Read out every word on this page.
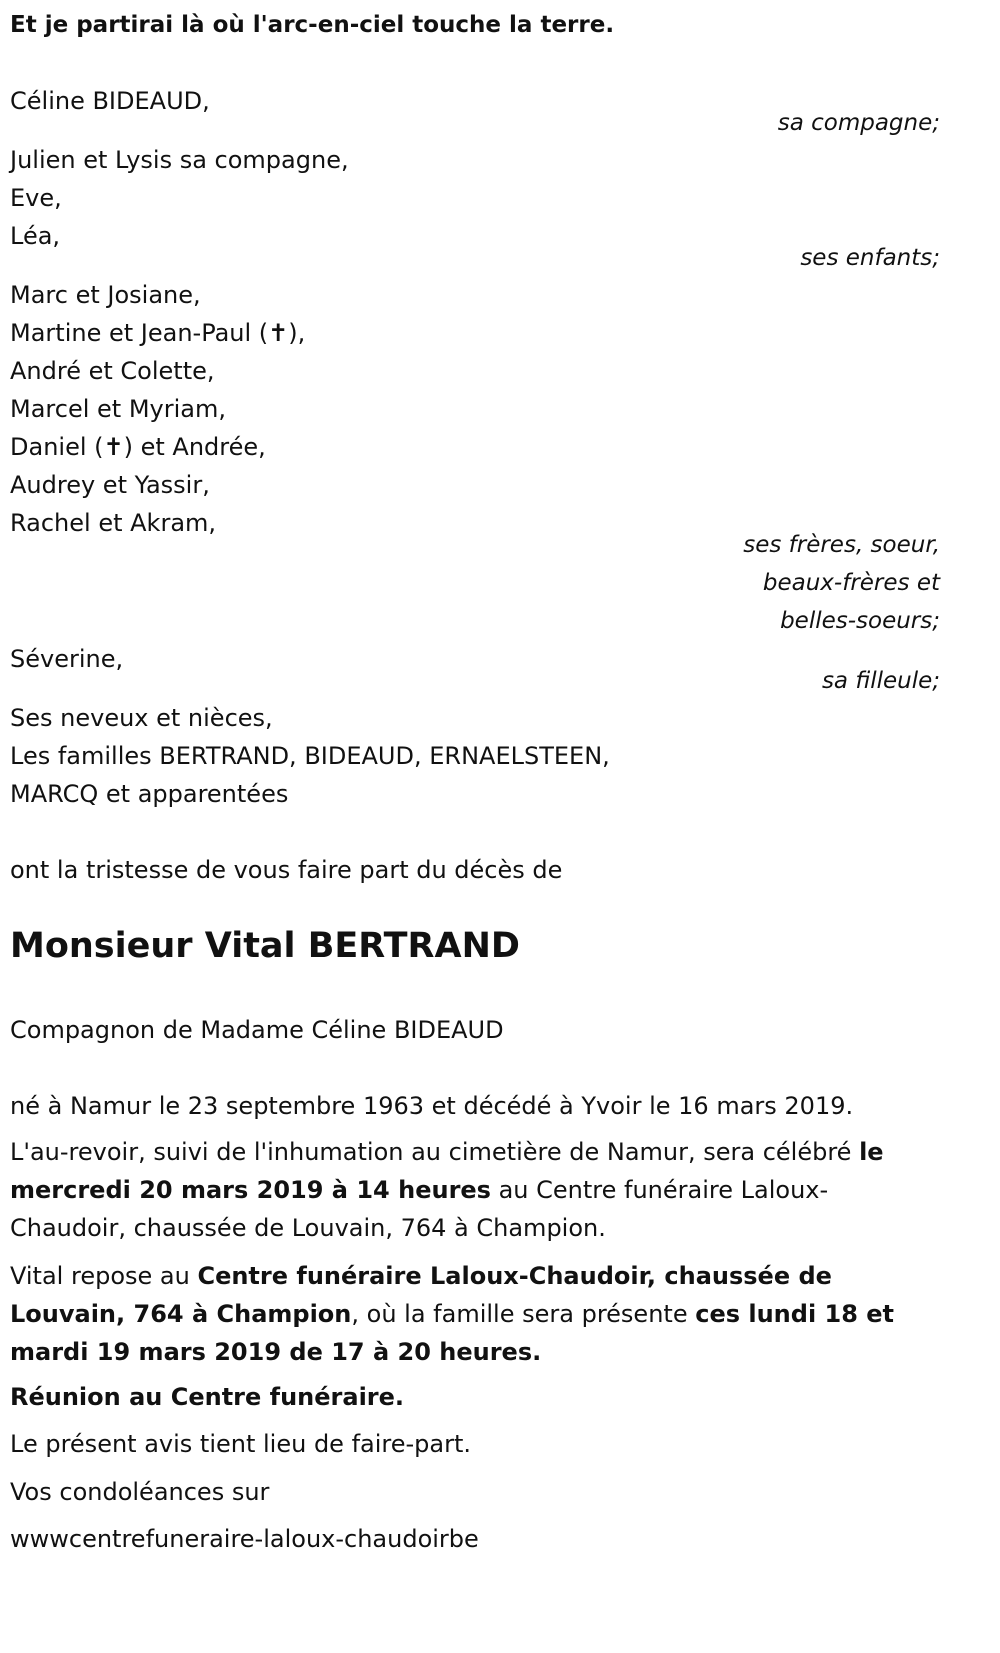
Et je partirai là où l'arc-en-ciel touche la terre.
Céline BIDEAUD,
sa compagne;
Julien et Lysis sa compagne,
Eve,
Léa,
ses enfants;
Marc et Josiane,
Martine et Jean-Paul (✝),
André et Colette,
Marcel et Myriam,
Daniel (✝) et Andrée,
Audrey et Yassir,
Rachel et Akram,
ses frères, soeur,
beaux-frères et
belles-soeurs;
Séverine,
sa filleule;
Ses neveux et nièces,
Les familles BERTRAND, BIDEAUD, ERNAELSTEEN,
MARCQ et apparentées
ont la tristesse de vous faire part du décès de
Monsieur Vital BERTRAND
Compagnon de Madame Céline BIDEAUD
né à Namur le 23 septembre 1963 et décédé à Yvoir le 16 mars 2019.
L'au-revoir, suivi de l'inhumation au cimetière de Namur, sera célébré le mercredi 20 mars 2019 à 14 heures au Centre funéraire Laloux-Chaudoir, chaussée de Louvain, 764 à Champion.
Vital repose au Centre funéraire Laloux-Chaudoir, chaussée de Louvain, 764 à Champion, où la famille sera présente ces lundi 18 et mardi 19 mars 2019 de 17 à 20 heures.
Réunion au Centre funéraire.
Le présent avis tient lieu de faire-part.
Vos condoléances sur
wwwcentrefuneraire-laloux-chaudoirbe
